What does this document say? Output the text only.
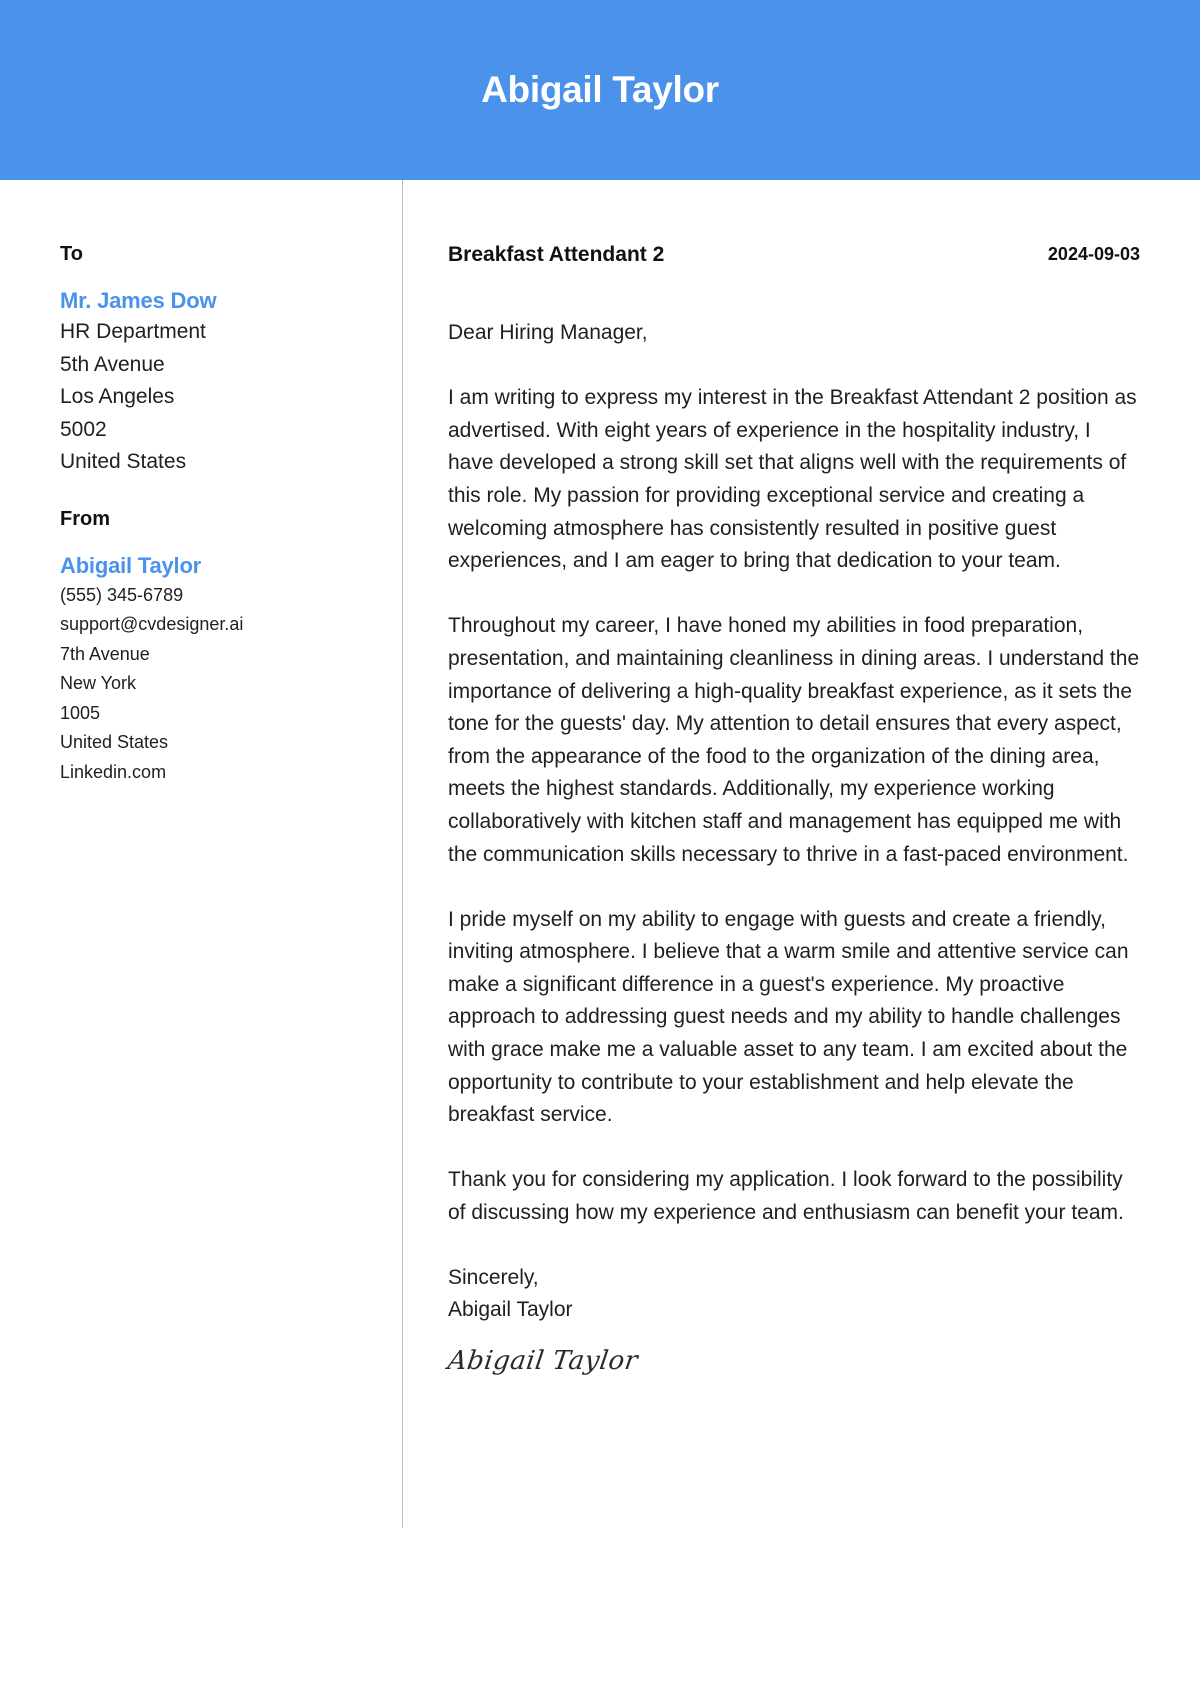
Abigail Taylor
To
Mr. James Dow
HR Department
5th Avenue
Los Angeles
5002
United States
From
Abigail Taylor
(555) 345-6789
support@cvdesigner.ai
7th Avenue
New York
1005
United States
Linkedin.com
Breakfast Attendant 2	2024-09-03

Dear Hiring Manager,

I am writing to express my interest in the Breakfast Attendant 2 position as advertised. With eight years of experience in the hospitality industry, I have developed a strong skill set that aligns well with the requirements of this role. My passion for providing exceptional service and creating a welcoming atmosphere has consistently resulted in positive guest experiences, and I am eager to bring that dedication to your team.

Throughout my career, I have honed my abilities in food preparation, presentation, and maintaining cleanliness in dining areas. I understand the importance of delivering a high-quality breakfast experience, as it sets the tone for the guests' day. My attention to detail ensures that every aspect, from the appearance of the food to the organization of the dining area, meets the highest standards. Additionally, my experience working collaboratively with kitchen staff and management has equipped me with the communication skills necessary to thrive in a fast-paced environment.

I pride myself on my ability to engage with guests and create a friendly, inviting atmosphere. I believe that a warm smile and attentive service can make a significant difference in a guest's experience. My proactive approach to addressing guest needs and my ability to handle challenges with grace make me a valuable asset to any team. I am excited about the opportunity to contribute to your establishment and help elevate the breakfast service.

Thank you for considering my application. I look forward to the possibility of discussing how my experience and enthusiasm can benefit your team.

Sincerely,
Abigail Taylor
Abigail Taylor
